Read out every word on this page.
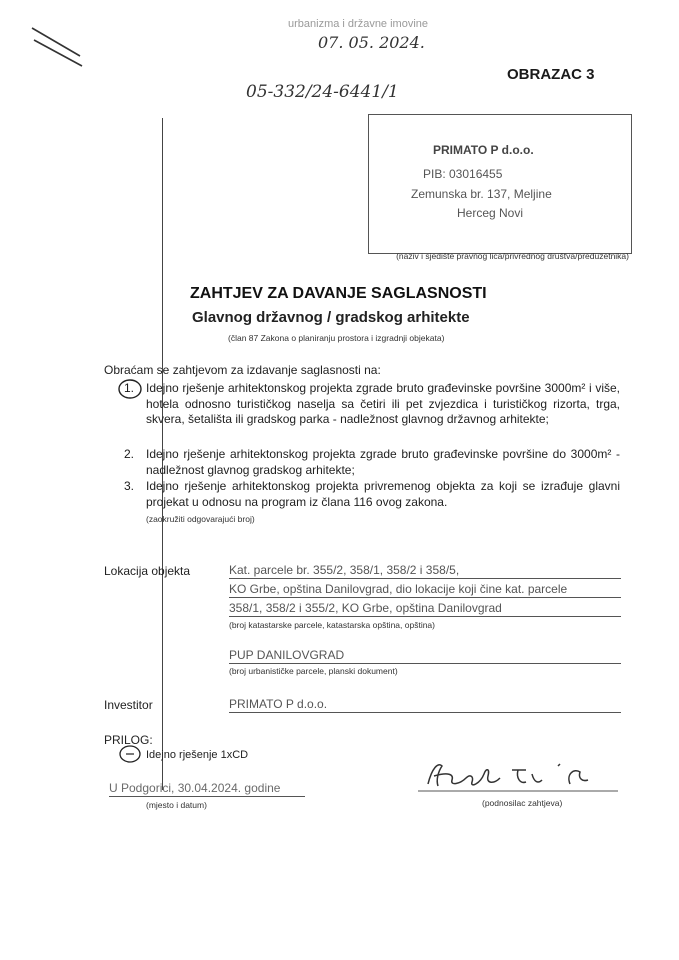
urbanizma i državne imovine
07. 05. 2024.
05-332/24-6441/1
OBRAZAC 3
PRIMATO P d.o.o.
PIB: 03016455
Zemunska br. 137, Meljine
Herceg Novi
(naziv i sjedište pravnog lica/privrednog društva/preduzetnika)
ZAHTJEV ZA DAVANJE SAGLASNOSTI
Glavnog državnog / gradskog arhitekte
(član 87 Zakona o planiranju prostora i izgradnji objekata)
Obraćam se zahtjevom za izdavanje saglasnosti na:
1. Idejno rješenje arhitektonskog projekta zgrade bruto građevinske površine 3000m² i više, hotela odnosno turističkog naselja sa četiri ili pet zvjezdica i turističkog rizorta, trga, skvera, šetališta ili gradskog parka - nadležnost glavnog državnog arhitekte;
2. Idejno rješenje arhitektonskog projekta zgrade bruto građevinske površine do 3000m² - nadležnost glavnog gradskog arhitekte;
3. Idejno rješenje arhitektonskog projekta privremenog objekta za koji se izrađuje glavni projekat u odnosu na program iz člana 116 ovog zakona.
(zaokružiti odgovarajući broj)
Lokacija objekta	Kat. parcele br. 355/2, 358/1, 358/2 i 358/5,
KO Grbe, opština Danilovgrad, dio lokacije koji čine kat. parcele
358/1, 358/2 i 355/2, KO Grbe, opština Danilovgrad
(broj katastarske parcele, katastarska opština, opština)
PUP DANILOVGRAD
(broj urbanističke parcele, planski dokument)
Investitor	PRIMATO P d.o.o.
PRILOG:
Idejno rješenje 1xCD
U Podgorici, 30.04.2024. godine
(mjesto i datum)	(podnosilac zahtjeva)
